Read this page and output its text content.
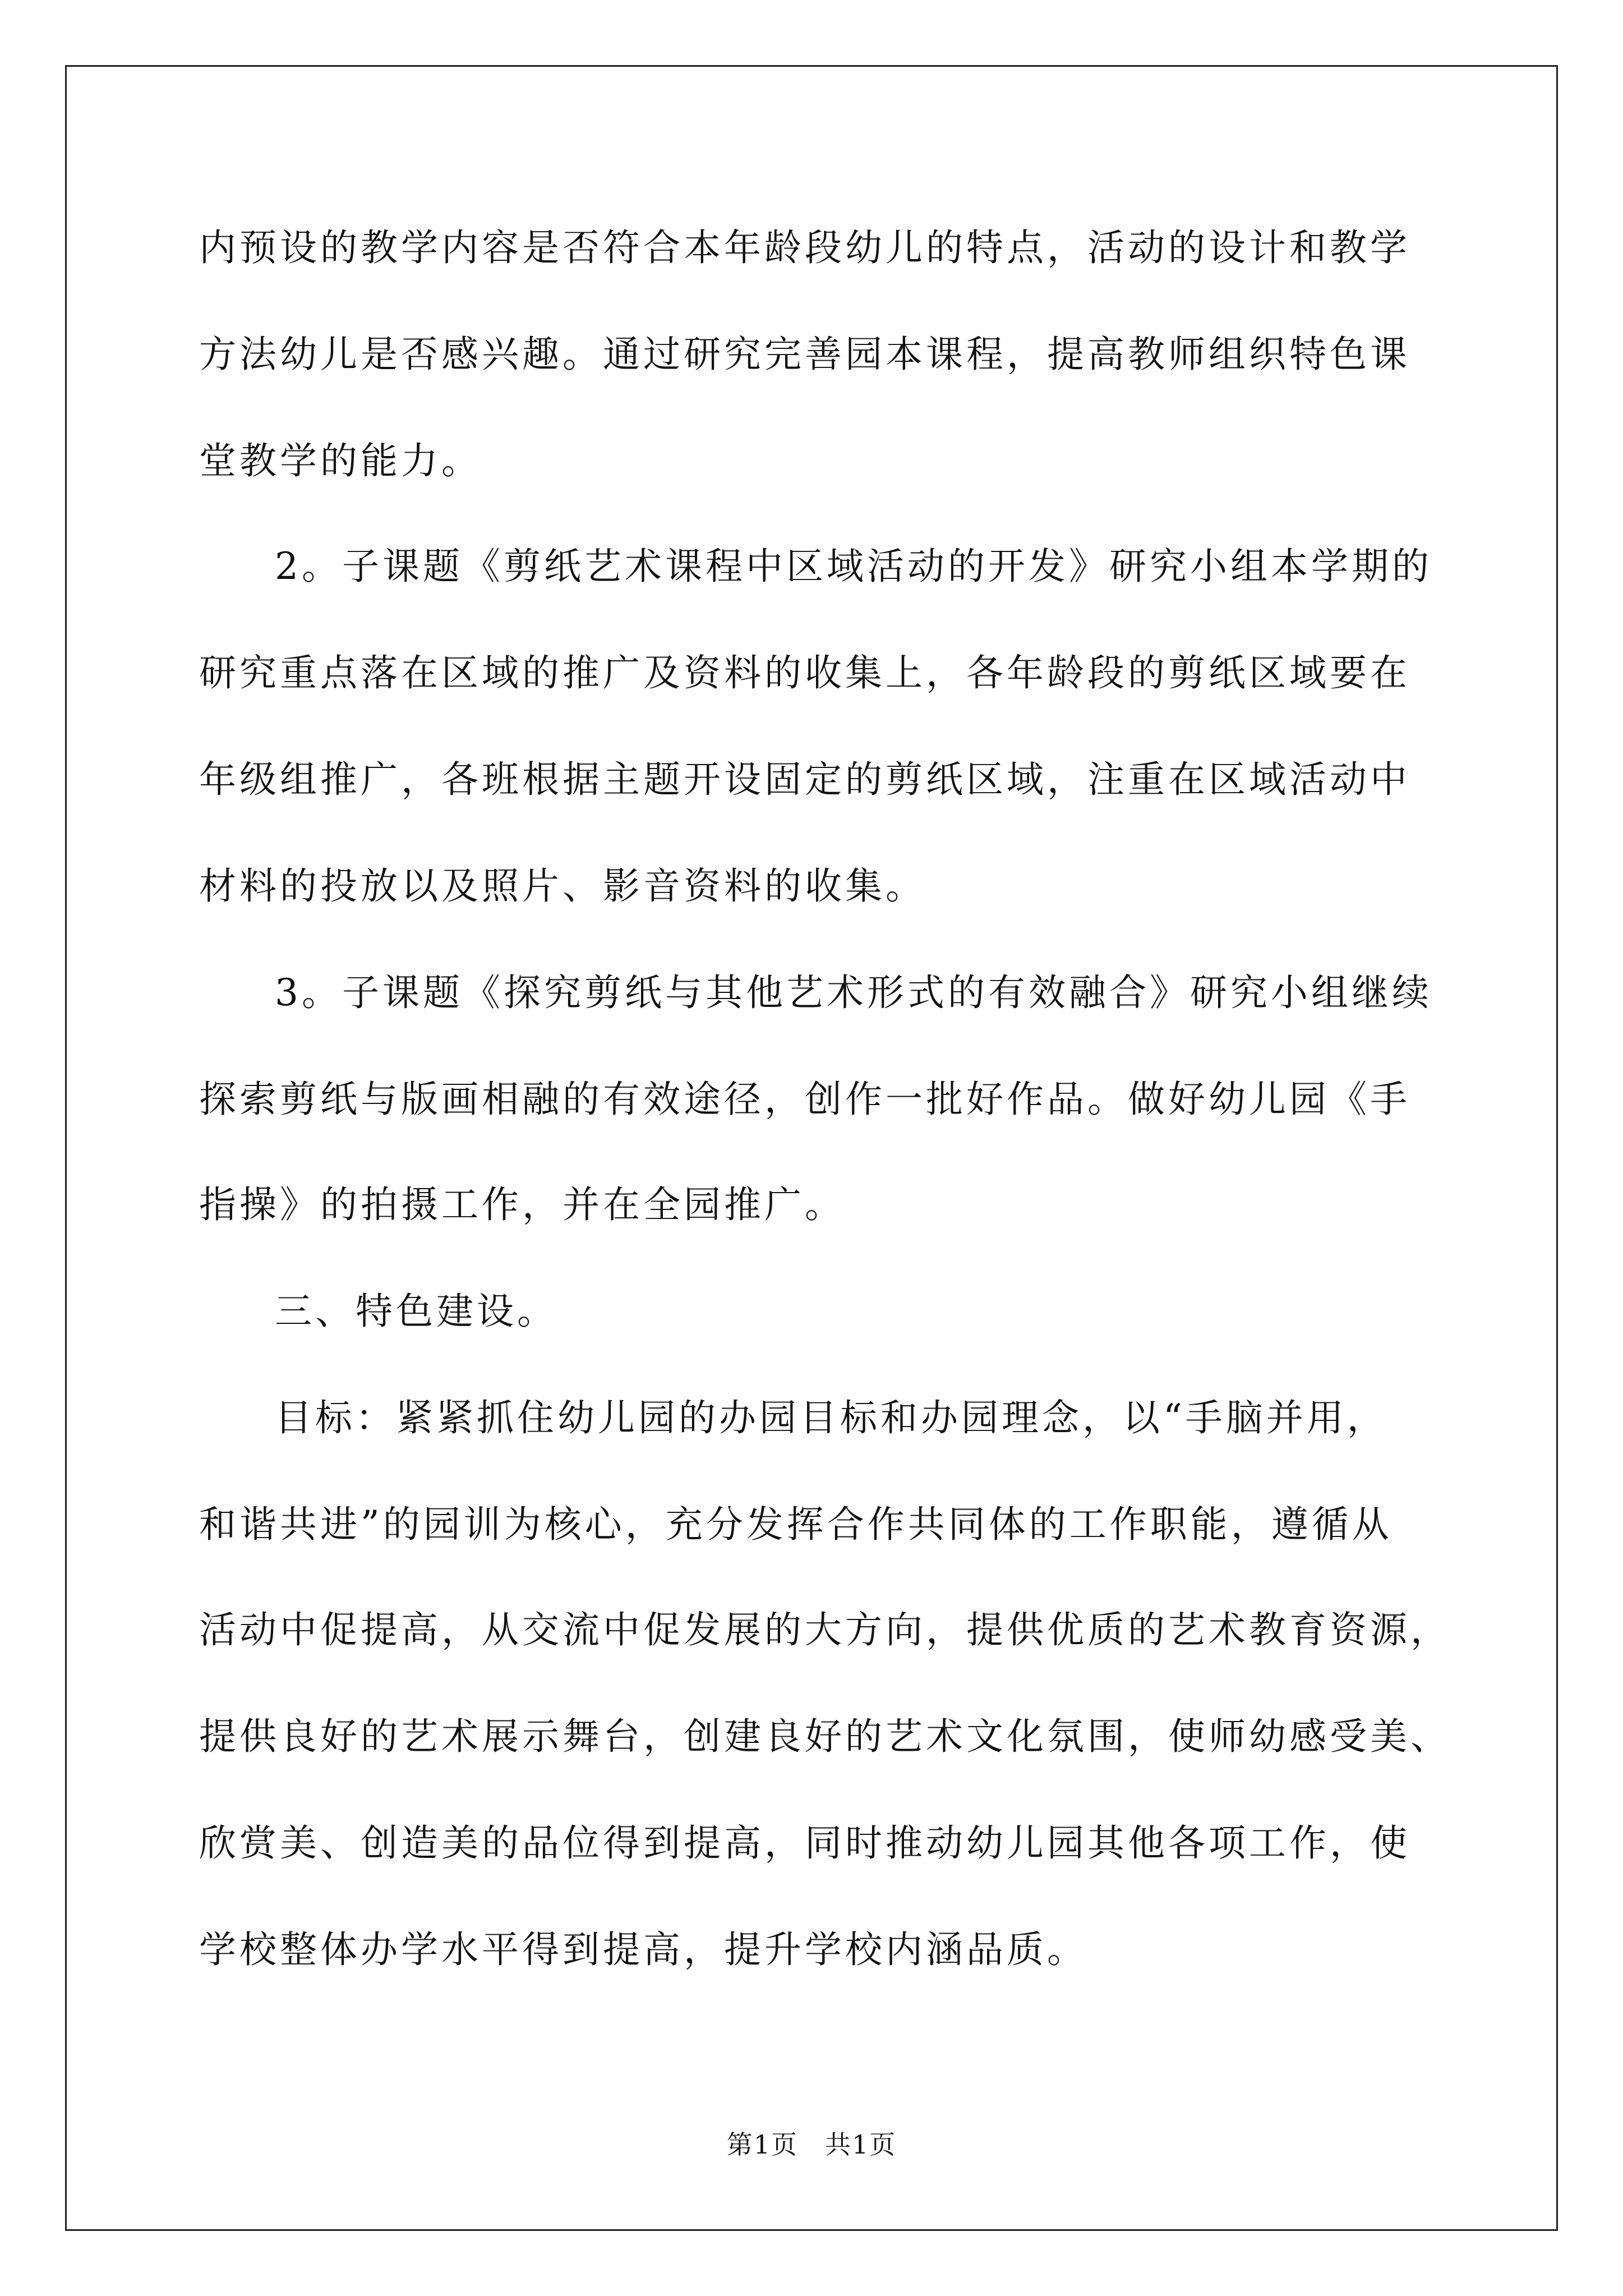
内预设的教学内容是否符合本年龄段幼儿的特点，活动的设计和教学
方法幼儿是否感兴趣。通过研究完善园本课程，提高教师组织特色课
堂教学的能力。
2。子课题《剪纸艺术课程中区域活动的开发》研究小组本学期的
研究重点落在区域的推广及资料的收集上，各年龄段的剪纸区域要在
年级组推广，各班根据主题开设固定的剪纸区域，注重在区域活动中
材料的投放以及照片、影音资料的收集。
3。子课题《探究剪纸与其他艺术形式的有效融合》研究小组继续
探索剪纸与版画相融的有效途径，创作一批好作品。做好幼儿园《手
指操》的拍摄工作，并在全园推广。
三、特色建设。
目标：紧紧抓住幼儿园的办园目标和办园理念，以“手脑并用，
和谐共进”的园训为核心，充分发挥合作共同体的工作职能，遵循从
活动中促提高，从交流中促发展的大方向，提供优质的艺术教育资源，
提供良好的艺术展示舞台，创建良好的艺术文化氛围，使师幼感受美、
欣赏美、创造美的品位得到提高，同时推动幼儿园其他各项工作，使
学校整体办学水平得到提高，提升学校内涵品质。
第1页　共1页
